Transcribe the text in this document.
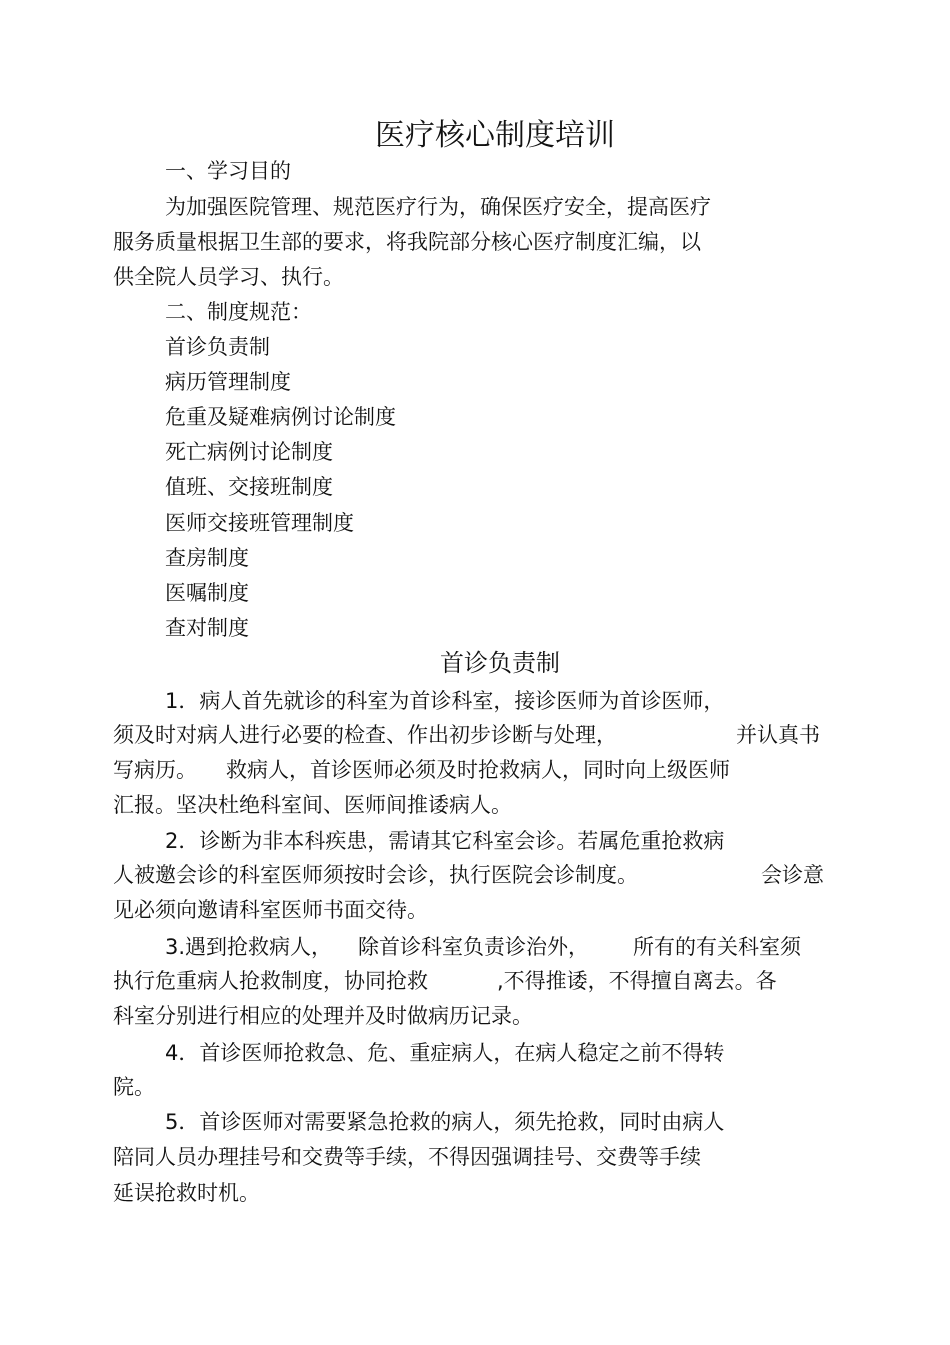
医疗核心制度培训
一、学习目的
为加强医院管理、规范医疗行为，确保医疗安全，提高医疗
服务质量根据卫生部的要求，将我院部分核心医疗制度汇编，以
供全院人员学习、执行。
二、制度规范：
首诊负责制
病历管理制度
危重及疑难病例讨论制度
死亡病例讨论制度
值班、交接班制度
医师交接班管理制度
查房制度
医嘱制度
查对制度
首诊负责制
1．病人首先就诊的科室为首诊科室，接诊医师为首诊医师，
须及时对病人进行必要的检查、作出初步诊断与处理，	并认真书
写病历。 救病人，首诊医师必须及时抢救病人，同时向上级医师
汇报。坚决杜绝科室间、医师间推诿病人。
2．诊断为非本科疾患，需请其它科室会诊。若属危重抢救病
人被邀会诊的科室医师须按时会诊，执行医院会诊制度。	会诊意
见必须向邀请科室医师书面交待。
3.遇到抢救病人， 除首诊科室负责诊治外， 所有的有关科室须
执行危重病人抢救制度，协同抢救	,不得推诿，不得擅自离去。各
科室分别进行相应的处理并及时做病历记录。
4．首诊医师抢救急、危、重症病人，在病人稳定之前不得转
院。
5．首诊医师对需要紧急抢救的病人，须先抢救，同时由病人
陪同人员办理挂号和交费等手续，不得因强调挂号、交费等手续
延误抢救时机。
